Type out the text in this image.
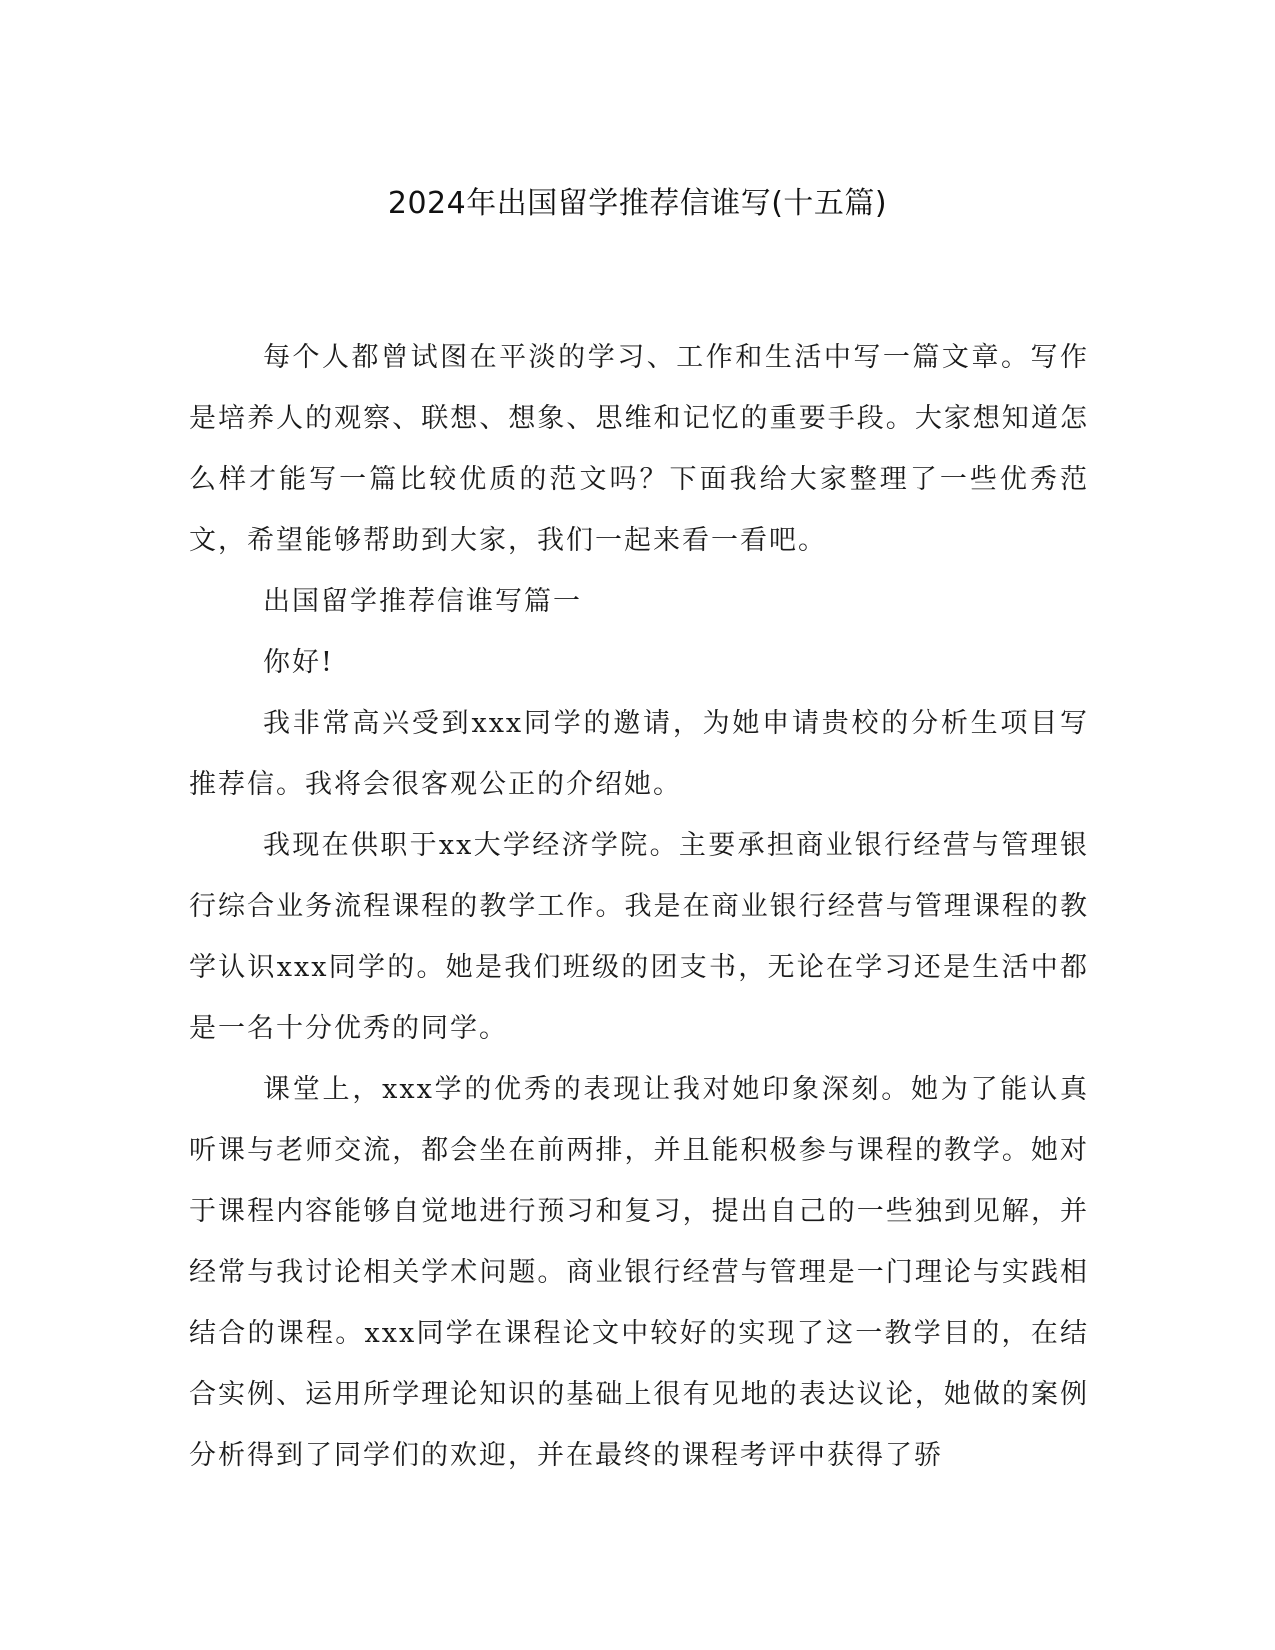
2024年出国留学推荐信谁写(十五篇)

每个人都曾试图在平淡的学习、工作和生活中写一篇文章。写作是培养人的观察、联想、想象、思维和记忆的重要手段。大家想知道怎么样才能写一篇比较优质的范文吗？下面我给大家整理了一些优秀范文，希望能够帮助到大家，我们一起来看一看吧。

出国留学推荐信谁写篇一

你好!

我非常高兴受到xxx同学的邀请，为她申请贵校的分析生项目写推荐信。我将会很客观公正的介绍她。

我现在供职于xx大学经济学院。主要承担商业银行经营与管理银行综合业务流程课程的教学工作。我是在商业银行经营与管理课程的教学认识xxx同学的。她是我们班级的团支书，无论在学习还是生活中都是一名十分优秀的同学。

课堂上，xxx学的优秀的表现让我对她印象深刻。她为了能认真听课与老师交流，都会坐在前两排，并且能积极参与课程的教学。她对于课程内容能够自觉地进行预习和复习，提出自己的一些独到见解，并经常与我讨论相关学术问题。商业银行经营与管理是一门理论与实践相结合的课程。xxx同学在课程论文中较好的实现了这一教学目的，在结合实例、运用所学理论知识的基础上很有见地的表达议论，她做的案例分析得到了同学们的欢迎，并在最终的课程考评中获得了骄
